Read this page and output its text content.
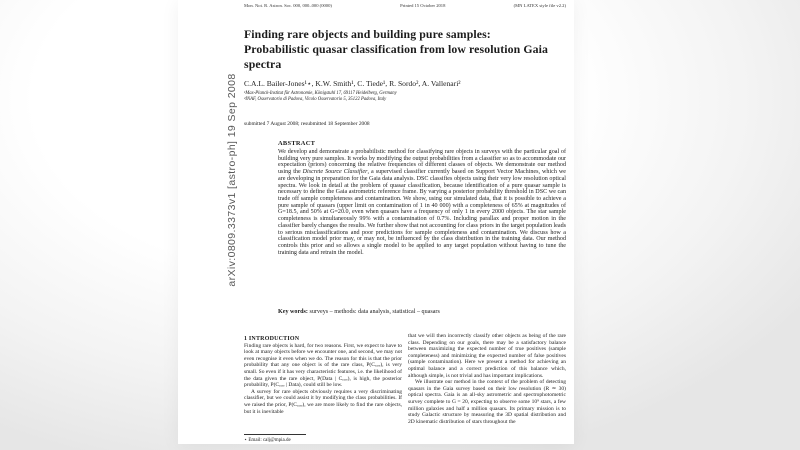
Mon. Not. R. Astron. Soc. 000, 000–000 (0000)	Printed 15 October 2018	(MN LATEX style file v2.2)
arXiv:0809.3373v1 [astro-ph] 19 Sep 2008
Finding rare objects and building pure samples:
Probabilistic quasar classification from low resolution Gaia
spectra
C.A.L. Bailer-Jones¹⋆, K.W. Smith¹, C. Tiede¹, R. Sordo², A. Vallenari²
¹Max-Planck-Institut für Astronomie, Königstuhl 17, 69117 Heidelberg, Germany
²INAF, Osservatorio di Padova, Vicolo Osservatorio 5, 35122 Padova, Italy
submitted 7 August 2008; resubmitted 18 September 2008
ABSTRACT

We develop and demonstrate a probabilistic method for classifying rare objects in surveys with the particular goal of building very pure samples. It works by modifying the output probabilities from a classifier so as to accommodate our expectation (priors) concerning the relative frequencies of different classes of objects. We demonstrate our method using the Discrete Source Classifier, a supervised classifier currently based on Support Vector Machines, which we are developing in preparation for the Gaia data analysis. DSC classifies objects using their very low resolution optical spectra. We look in detail at the problem of quasar classification, because identification of a pure quasar sample is necessary to define the Gaia astrometric reference frame. By varying a posterior probability threshold in DSC we can trade off sample completeness and contamination. We show, using our simulated data, that it is possible to achieve a pure sample of quasars (upper limit on contamination of 1 in 40 000) with a completeness of 65% at magnitudes of G=18.5, and 50% at G=20.0, even when quasars have a frequency of only 1 in every 2000 objects. The star sample completeness is simultaneously 99% with a contamination of 0.7%. Including parallax and proper motion in the classifier barely changes the results. We further show that not accounting for class priors in the target population leads to serious misclassifications and poor predictions for sample completeness and contamination. We discuss how a classification model prior may, or may not, be influenced by the class distribution in the training data. Our method controls this prior and so allows a single model to be applied to any target population without having to tune the training data and retrain the model.

Key words: surveys – methods: data analysis, statistical – quasars

1 INTRODUCTION

Finding rare objects is hard, for two reasons. First, we expect to have to look at many objects before we encounter one, and second, we may not even recognise it even when we do. The reason for this is that the prior probability that any one object is of the rare class, P(Cᵣₐᵣₑ), is very small. So even if it has very characteristic features, i.e. the likelihood of the data given the rare object, P(Data | Cᵣₐᵣₑ), is high, the posterior probability, P(Cᵣₐᵣₑ | Data), could still be low.

A survey for rare objects obviously requires a very discriminating classifier, but we could assist it by modifying the class probabilities. If we raised the prior, P(Cᵣₐᵣₑ), we are more likely to find the rare objects, but it is inevitable

that we will then incorrectly classify other objects as being of the rare class. Depending on our goals, there may be a satisfactory balance between maximizing the expected number of true positives (sample completeness) and minimizing the expected number of false positives (sample contamination). Here we present a method for achieving an optimal balance and a correct prediction of this balance which, although simple, is not trivial and has important implications.

We illustrate our method in the context of the problem of detecting quasars in the Gaia survey based on their low resolution (R ≃ 30) optical spectra. Gaia is an all-sky astrometric and spectrophotometric survey complete to G = 20, expecting to observe some 10⁹ stars, a few million galaxies and half a million quasars. Its primary mission is to study Galactic structure by measuring the 3D spatial distribution and 2D kinematic distribution of stars throughout the

⋆ Email: calj@mpia.de
